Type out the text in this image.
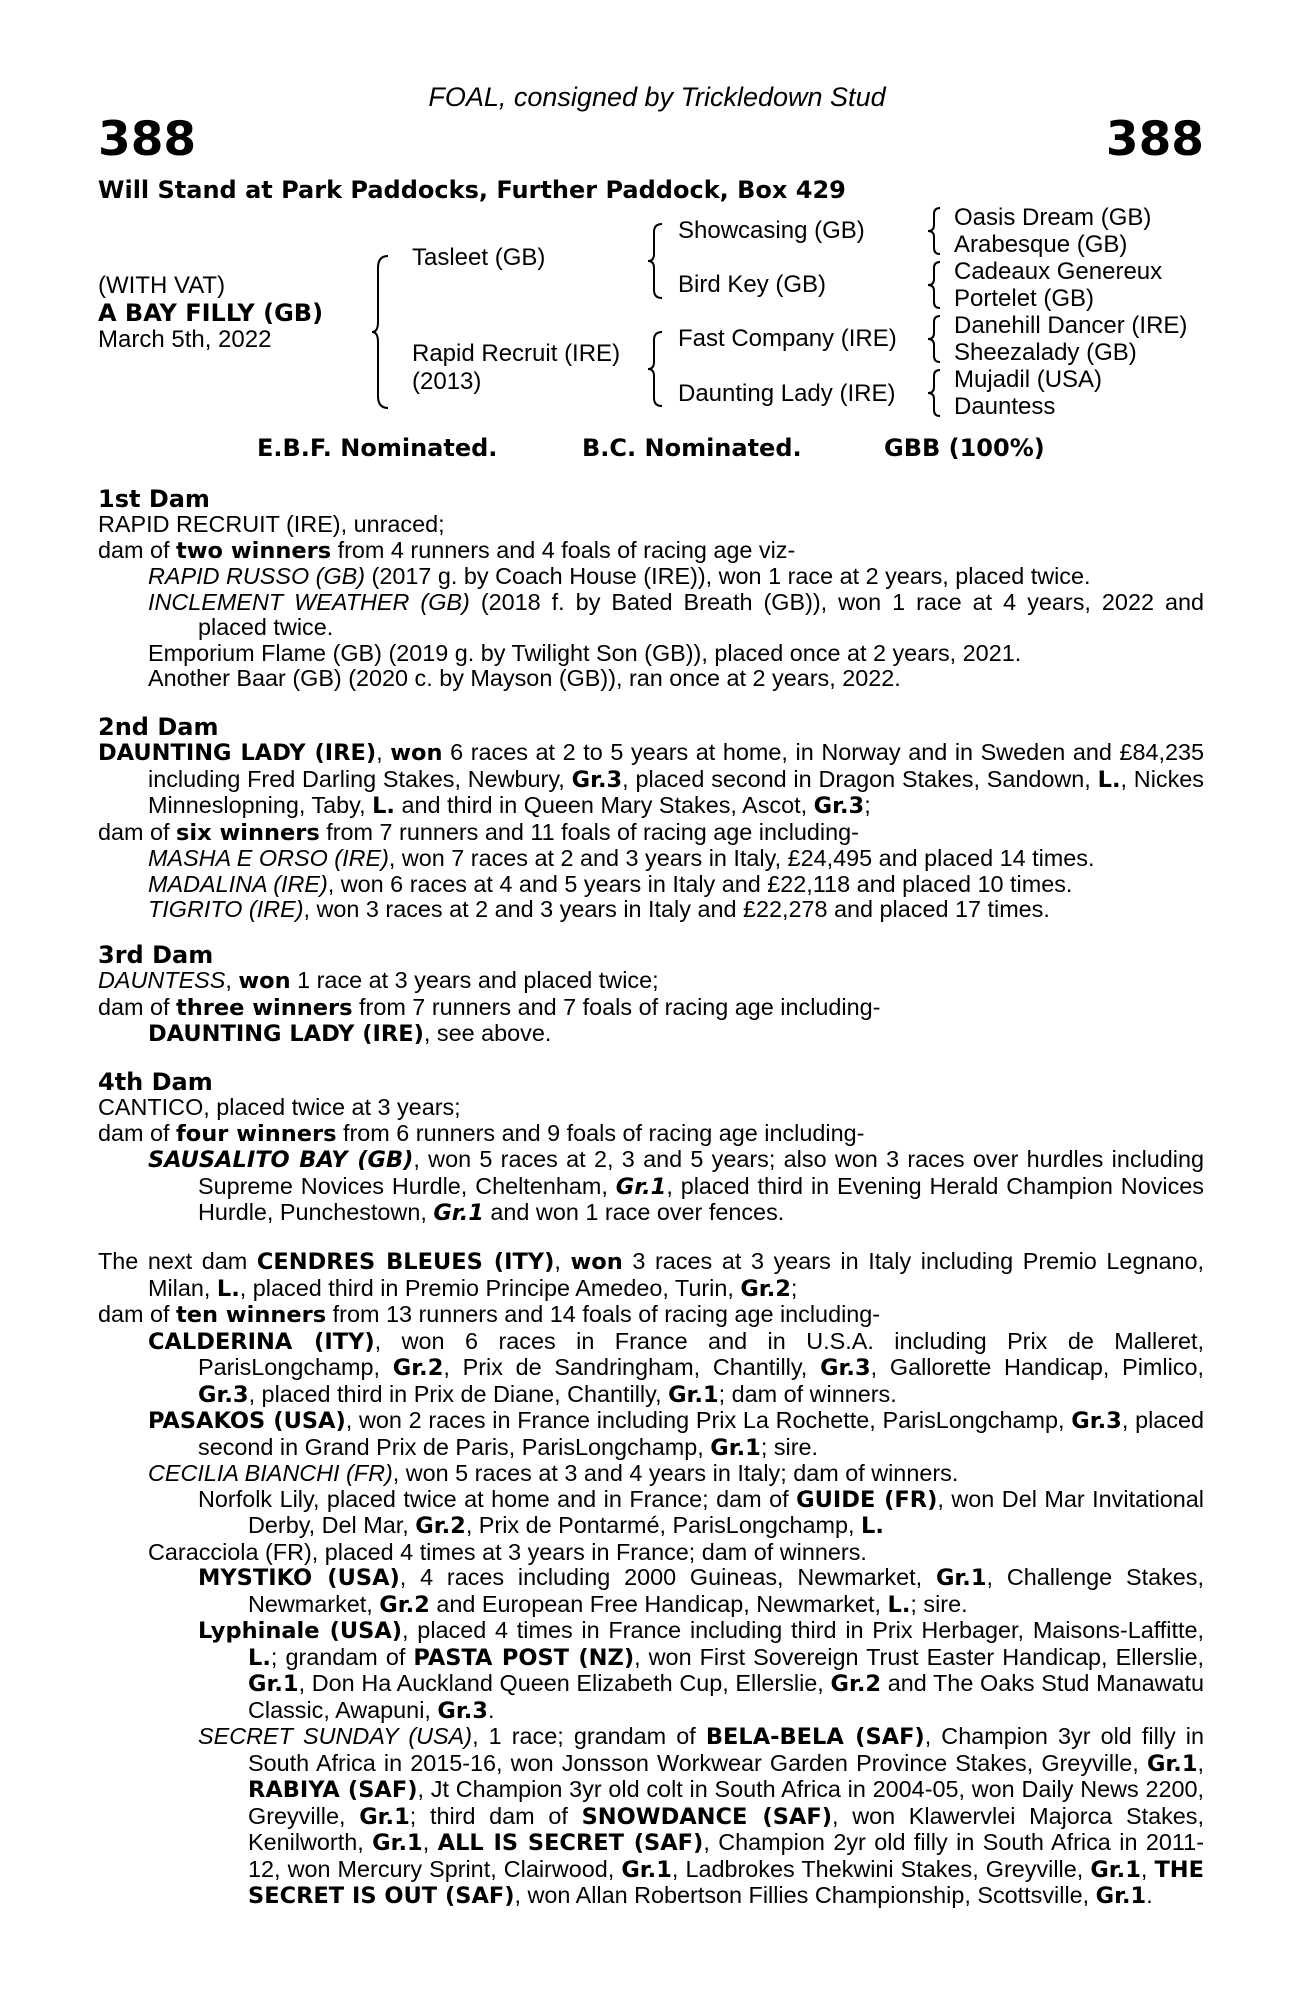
FOAL, consigned by Trickledown Stud
388	388
Will Stand at Park Paddocks, Further Paddock, Box 429
(WITH VAT)
A BAY FILLY (GB)
March 5th, 2022
Tasleet (GB)
Rapid Recruit (IRE)
(2013)
Showcasing (GB)
Bird Key (GB)
Fast Company (IRE)
Daunting Lady (IRE)
Oasis Dream (GB)
Arabesque (GB)
Cadeaux Genereux
Portelet (GB)
Danehill Dancer (IRE)
Sheezalady (GB)
Mujadil (USA)
Dauntess
E.B.F. Nominated.	B.C. Nominated.	GBB (100%)
1st Dam

RAPID RECRUIT (IRE), unraced;

dam of two winners from 4 runners and 4 foals of racing age viz-

RAPID RUSSO (GB) (2017 g. by Coach House (IRE)), won 1 race at 2 years, placed twice.

INCLEMENT WEATHER (GB) (2018 f. by Bated Breath (GB)), won 1 race at 4 years, 2022 and placed twice.

Emporium Flame (GB) (2019 g. by Twilight Son (GB)), placed once at 2 years, 2021.

Another Baar (GB) (2020 c. by Mayson (GB)), ran once at 2 years, 2022.

2nd Dam

DAUNTING LADY (IRE), won 6 races at 2 to 5 years at home, in Norway and in Sweden and £84,235 including Fred Darling Stakes, Newbury, Gr.3, placed second in Dragon Stakes, Sandown, L., Nickes Minneslopning, Taby, L. and third in Queen Mary Stakes, Ascot, Gr.3;

dam of six winners from 7 runners and 11 foals of racing age including-

MASHA E ORSO (IRE), won 7 races at 2 and 3 years in Italy, £24,495 and placed 14 times.

MADALINA (IRE), won 6 races at 4 and 5 years in Italy and £22,118 and placed 10 times.

TIGRITO (IRE), won 3 races at 2 and 3 years in Italy and £22,278 and placed 17 times.

3rd Dam

DAUNTESS, won 1 race at 3 years and placed twice;

dam of three winners from 7 runners and 7 foals of racing age including-

DAUNTING LADY (IRE), see above.

4th Dam

CANTICO, placed twice at 3 years;

dam of four winners from 6 runners and 9 foals of racing age including-

SAUSALITO BAY (GB), won 5 races at 2, 3 and 5 years; also won 3 races over hurdles including Supreme Novices Hurdle, Cheltenham, Gr.1, placed third in Evening Herald Champion Novices Hurdle, Punchestown, Gr.1 and won 1 race over fences.

The next dam CENDRES BLEUES (ITY), won 3 races at 3 years in Italy including Premio Legnano, Milan, L., placed third in Premio Principe Amedeo, Turin, Gr.2;

dam of ten winners from 13 runners and 14 foals of racing age including-

CALDERINA (ITY), won 6 races in France and in U.S.A. including Prix de Malleret, ParisLongchamp, Gr.2, Prix de Sandringham, Chantilly, Gr.3, Gallorette Handicap, Pimlico, Gr.3, placed third in Prix de Diane, Chantilly, Gr.1; dam of winners.

PASAKOS (USA), won 2 races in France including Prix La Rochette, ParisLongchamp, Gr.3, placed second in Grand Prix de Paris, ParisLongchamp, Gr.1; sire.

CECILIA BIANCHI (FR), won 5 races at 3 and 4 years in Italy; dam of winners.

Norfolk Lily, placed twice at home and in France; dam of GUIDE (FR), won Del Mar Invitational Derby, Del Mar, Gr.2, Prix de Pontarmé, ParisLongchamp, L.

Caracciola (FR), placed 4 times at 3 years in France; dam of winners.

MYSTIKO (USA), 4 races including 2000 Guineas, Newmarket, Gr.1, Challenge Stakes, Newmarket, Gr.2 and European Free Handicap, Newmarket, L.; sire.

Lyphinale (USA), placed 4 times in France including third in Prix Herbager, Maisons-Laffitte, L.; grandam of PASTA POST (NZ), won First Sovereign Trust Easter Handicap, Ellerslie, Gr.1, Don Ha Auckland Queen Elizabeth Cup, Ellerslie, Gr.2 and The Oaks Stud Manawatu Classic, Awapuni, Gr.3.

SECRET SUNDAY (USA), 1 race; grandam of BELA-BELA (SAF), Champion 3yr old filly in South Africa in 2015-16, won Jonsson Workwear Garden Province Stakes, Greyville, Gr.1, RABIYA (SAF), Jt Champion 3yr old colt in South Africa in 2004-05, won Daily News 2200, Greyville, Gr.1; third dam of SNOWDANCE (SAF), won Klawervlei Majorca Stakes, Kenilworth, Gr.1, ALL IS SECRET (SAF), Champion 2yr old filly in South Africa in 2011-12, won Mercury Sprint, Clairwood, Gr.1, Ladbrokes Thekwini Stakes, Greyville, Gr.1, THE SECRET IS OUT (SAF), won Allan Robertson Fillies Championship, Scottsville, Gr.1.
